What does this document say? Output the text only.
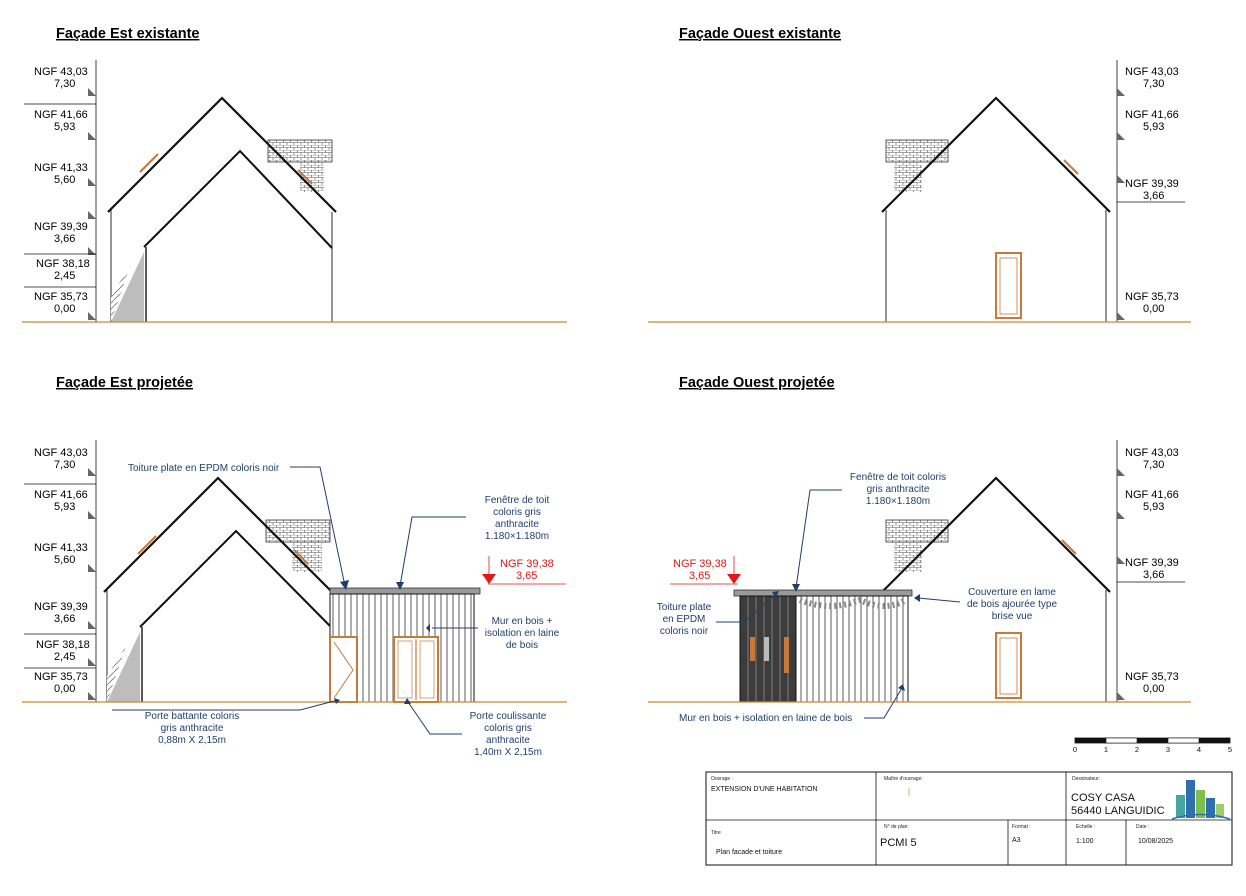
Façade Est existante	Façade Ouest existante
Façade Est projetée	Façade Ouest projetée
NGF 43,03
7,30
NGF 41,66
5,93
NGF 41,33
5,60
NGF 39,39
3,66
NGF 38,18
2,45
NGF 35,73
0,00
NGF 43,03
7,30
NGF 41,66
5,93
NGF 39,39
3,66
NGF 35,73
0,00
NGF 43,03
7,30
NGF 41,66
5,93
NGF 41,33
5,60
NGF 39,39
3,66
NGF 38,18
2,45
NGF 35,73
0,00
NGF 39,38
3,65
Toiture plate en EPDM coloris noir
Fenêtre de toit
coloris gris
anthracite
1.180×1.180m
Mur en bois +
isolation en laine
de bois
Porte battante coloris
gris anthracite
0,88m X 2,15m
Porte coulissante
coloris gris
anthracite
1,40m X 2,15m
NGF 43,03
7,30
NGF 41,66
5,93
NGF 39,39
3,66
NGF 35,73
0,00
NGF 39,38
3,65
Fenêtre de toit coloris
gris anthracite
1.180×1.180m
Toiture plate
en EPDM
coloris noir
Couverture en lame
de bois ajourée type
brise vue
Mur en bois + isolation en laine de bois
0	1	2	3	4	5
Ouvrage :
EXTENSION D'UNE HABITATION
Maître d'ouvrage:	Dessinateur:
COSY CASA
56440 LANGUIDIC
Titre
Plan facade et toiture
N° de plan:
PCMI 5
Format :
A3
Echelle :
1:100
Date :
10/08/2025
